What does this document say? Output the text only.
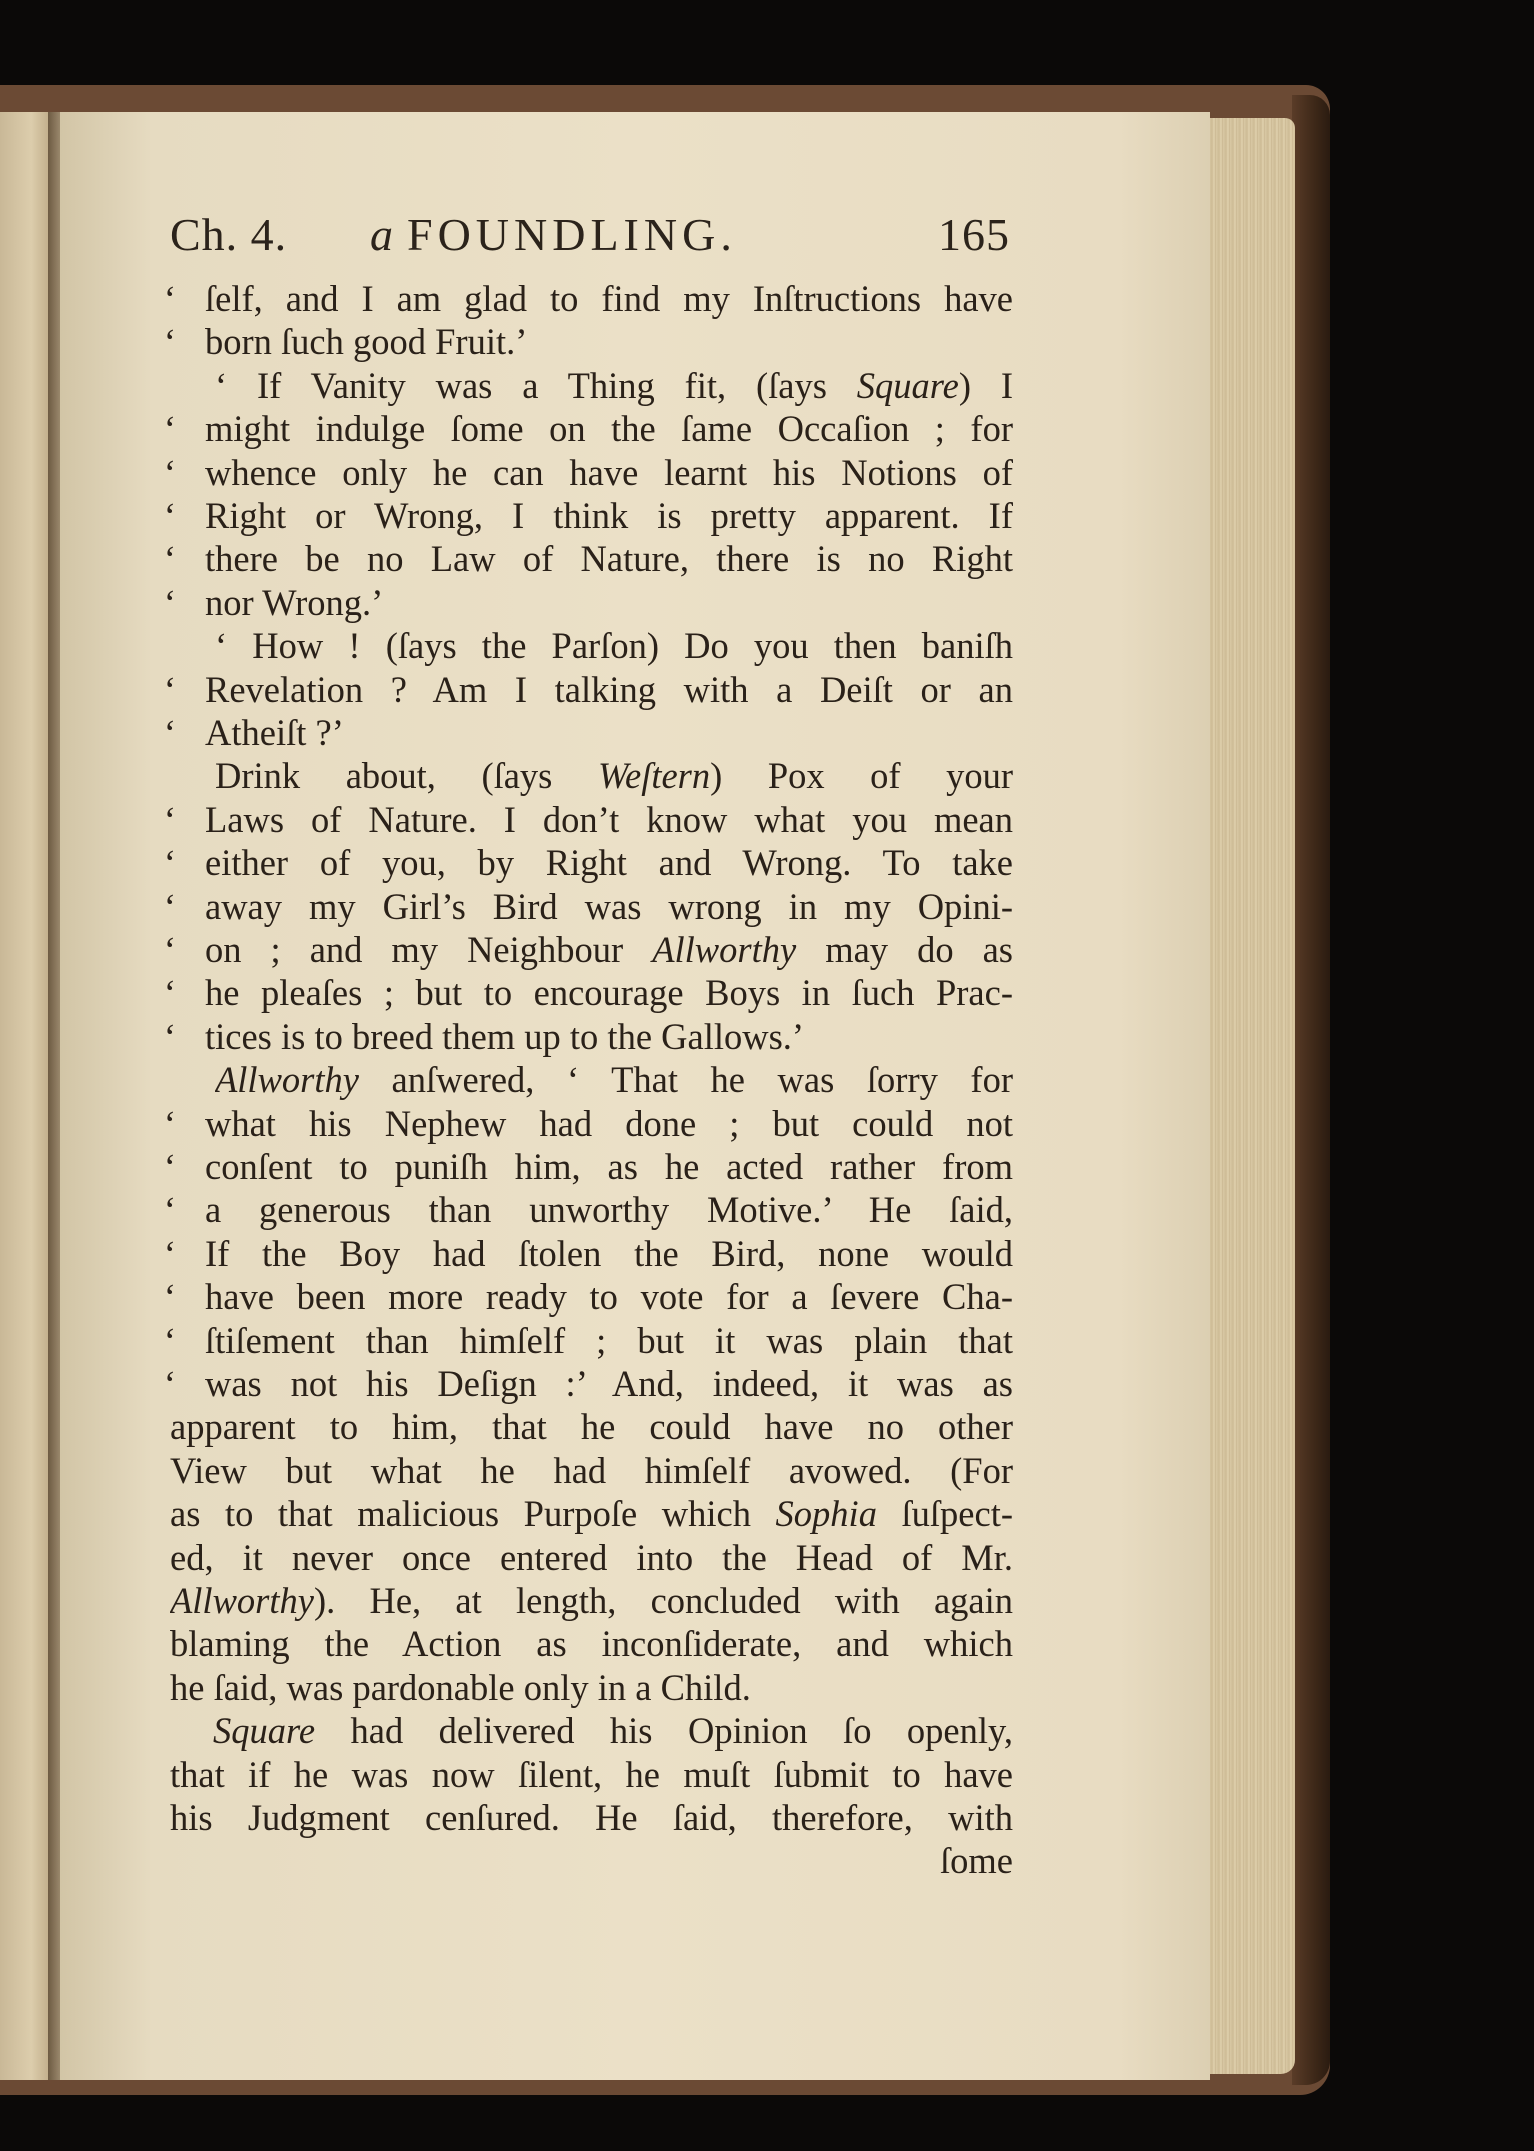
Ch. 4. a FOUNDLING.	165
‘ ſelf, and I am glad to find my Inſtructions have
‘ born ſuch good Fruit.’
‘ If Vanity was a Thing fit, (ſays Square) I
‘ might indulge ſome on the ſame Occaſion ; for
‘ whence only he can have learnt his Notions of
‘ Right or Wrong, I think is pretty apparent. If
‘ there be no Law of Nature, there is no Right
‘ nor Wrong.’
‘ How ! (ſays the Parſon) Do you then baniſh
‘ Revelation ? Am I talking with a Deiſt or an
‘ Atheiſt ?’
Drink about, (ſays Weſtern) Pox of your
‘ Laws of Nature. I don’t know what you mean
‘ either of you, by Right and Wrong. To take
‘ away my Girl’s Bird was wrong in my Opini-
‘ on ; and my Neighbour Allworthy may do as
‘ he pleaſes ; but to encourage Boys in ſuch Prac-
‘ tices is to breed them up to the Gallows.’
Allworthy anſwered, ‘ That he was ſorry for
‘ what his Nephew had done ; but could not
‘ conſent to puniſh him, as he acted rather from
‘ a generous than unworthy Motive.’ He ſaid,
‘ If the Boy had ſtolen the Bird, none would
‘ have been more ready to vote for a ſevere Cha-
‘ ſtiſement than himſelf ; but it was plain that
‘ was not his Deſign :’ And, indeed, it was as
apparent to him, that he could have no other
View but what he had himſelf avowed. (For
as to that malicious Purpoſe which Sophia ſuſpect-
ed, it never once entered into the Head of Mr.
Allworthy). He, at length, concluded with again
blaming the Action as inconſiderate, and which
he ſaid, was pardonable only in a Child.
Square had delivered his Opinion ſo openly,
that if he was now ſilent, he muſt ſubmit to have
his Judgment cenſured. He ſaid, therefore, with
ſome
